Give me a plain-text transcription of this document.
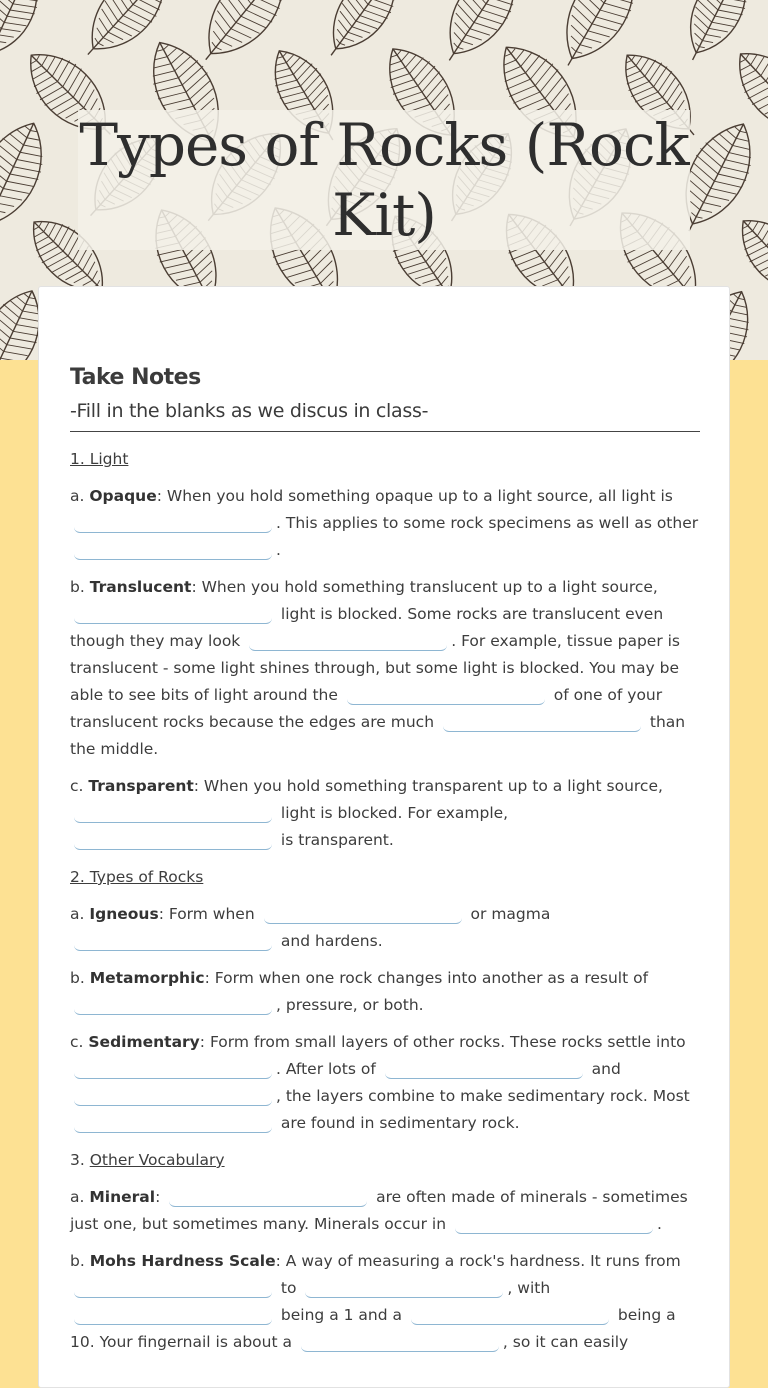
Types of Rocks (Rock Kit)
Take Notes
-Fill in the blanks as we discus in class-

1. Light

a. Opaque: When you hold something opaque up to a light source, all light is . This applies to some rock specimens as well as other .

b. Translucent: When you hold something translucent up to a light source,  light is blocked. Some rocks are translucent even though they may look	. For example, tissue paper is translucent - some light shines through, but some light is blocked. You may be able to see bits of light around the	of one of your translucent rocks because the edges are much	than the middle.

c. Transparent: When you hold something transparent up to a light source,  light is blocked. For example,  is transparent.

2. Types of Rocks

a. Igneous: Form when	or magma  and hardens.

b. Metamorphic: Form when one rock changes into another as a result of , pressure, or both.

c. Sedimentary: Form from small layers of other rocks. These rocks settle into . After lots of	and , the layers combine to make sedimentary rock. Most  are found in sedimentary rock.

3. Other Vocabulary

a. Mineral:	are often made of minerals - sometimes just one, but sometimes many. Minerals occur in	.

b. Mohs Hardness Scale: A way of measuring a rock's hardness. It runs from  to	, with  being a 1 and a	being a 10. Your fingernail is about a	, so it can easily
